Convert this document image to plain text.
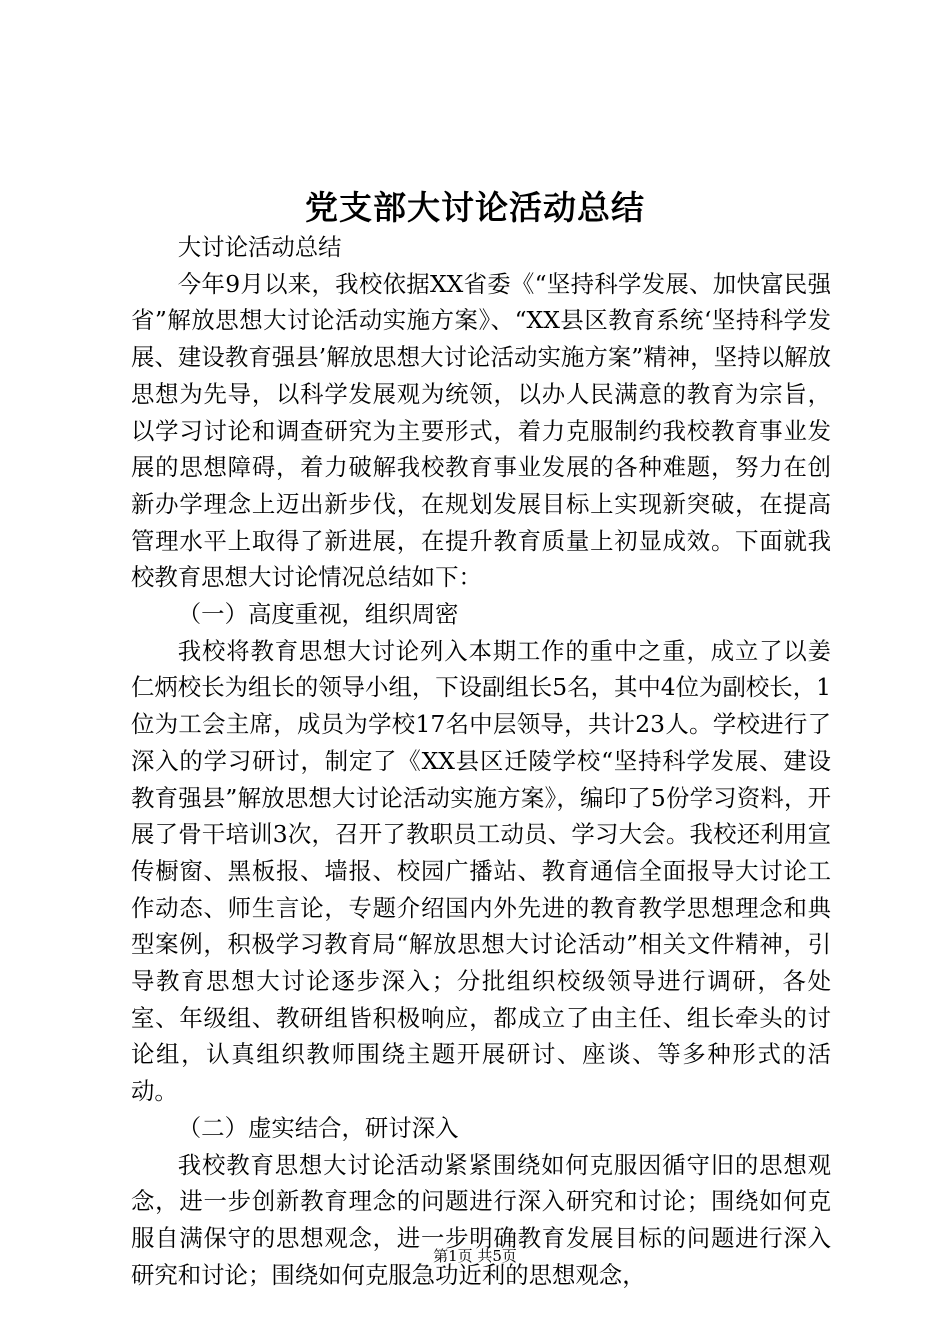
党支部大讨论活动总结

大讨论活动总结

今年9月以来，我校依据XX省委《“坚持科学发展、加快富民强省”解放思想大讨论活动实施方案》、“XX县区教育系统‘坚持科学发展、建设教育强县’解放思想大讨论活动实施方案”精神，坚持以解放思想为先导，以科学发展观为统领，以办人民满意的教育为宗旨，以学习讨论和调查研究为主要形式，着力克服制约我校教育事业发展的思想障碍，着力破解我校教育事业发展的各种难题，努力在创新办学理念上迈出新步伐，在规划发展目标上实现新突破，在提高管理水平上取得了新进展，在提升教育质量上初显成效。下面就我校教育思想大讨论情况总结如下：

（一）高度重视，组织周密

我校将教育思想大讨论列入本期工作的重中之重，成立了以姜仁炳校长为组长的领导小组，下设副组长5名，其中4位为副校长，1位为工会主席，成员为学校17名中层领导，共计23人。学校进行了深入的学习研讨，制定了《XX县区迁陵学校“坚持科学发展、建设教育强县”解放思想大讨论活动实施方案》，编印了5份学习资料，开展了骨干培训3次，召开了教职员工动员、学习大会。我校还利用宣传橱窗、黑板报、墙报、校园广播站、教育通信全面报导大讨论工作动态、师生言论，专题介绍国内外先进的教育教学思想理念和典型案例，积极学习教育局“解放思想大讨论活动”相关文件精神，引导教育思想大讨论逐步深入；分批组织校级领导进行调研，各处室、年级组、教研组皆积极响应，都成立了由主任、组长牵头的讨论组，认真组织教师围绕主题开展研讨、座谈、等多种形式的活动。

（二）虚实结合，研讨深入

我校教育思想大讨论活动紧紧围绕如何克服因循守旧的思想观念，进一步创新教育理念的问题进行深入研究和讨论；围绕如何克服自满保守的思想观念，进一步明确教育发展目标的问题进行深入研究和讨论；围绕如何克服急功近利的思想观念，

第1页 共5页
